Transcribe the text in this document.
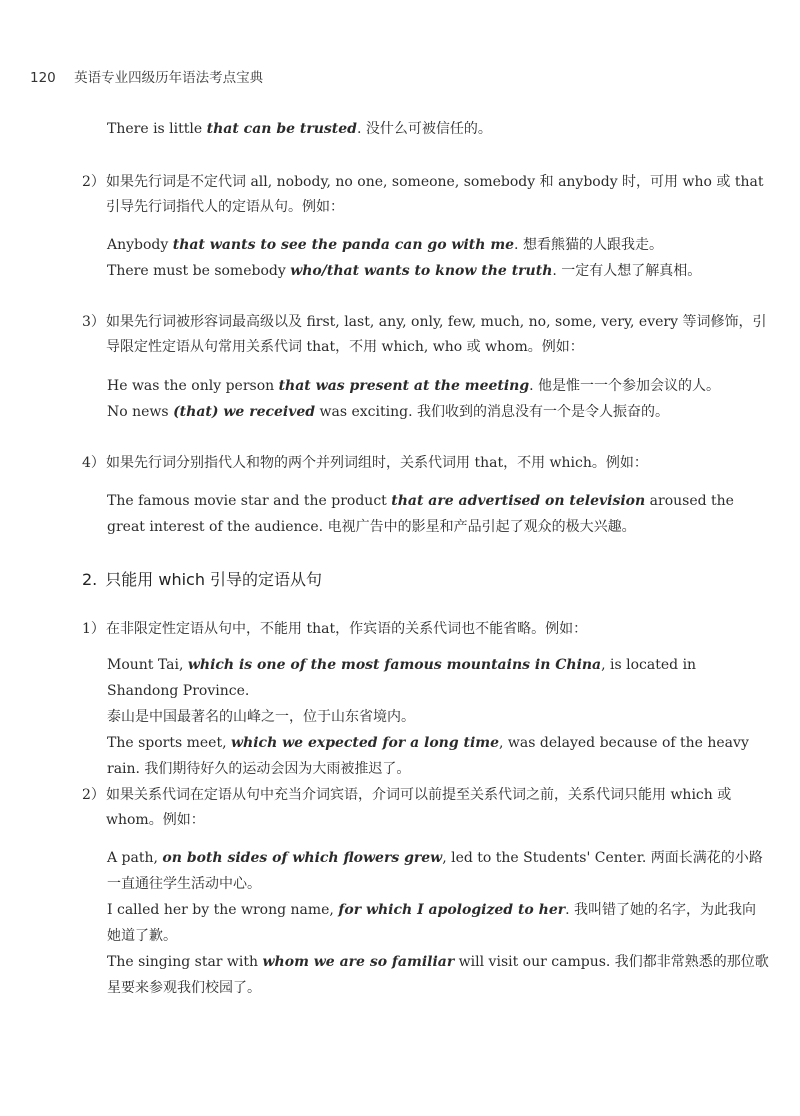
120 英语专业四级历年语法考点宝典

There is little that can be trusted. 没什么可被信任的。

2） 如果先行词是不定代词 all, nobody, no one, someone, somebody 和 anybody 时，可用 who 或 that 引导先行词指代人的定语从句。例如：

Anybody that wants to see the panda can go with me. 想看熊猫的人跟我走。

There must be somebody who/that wants to know the truth. 一定有人想了解真相。

3） 如果先行词被形容词最高级以及 first, last, any, only, few, much, no, some, very, every 等词修饰，引导限定性定语从句常用关系代词 that，不用 which, who 或 whom。例如：

He was the only person that was present at the meeting. 他是惟一一个参加会议的人。

No news (that) we received was exciting. 我们收到的消息没有一个是令人振奋的。

4） 如果先行词分别指代人和物的两个并列词组时，关系代词用 that，不用 which。例如：

The famous movie star and the product that are advertised on television aroused the great interest of the audience. 电视广告中的影星和产品引起了观众的极大兴趣。

2. 只能用 which 引导的定语从句
1） 在非限定性定语从句中，不能用 that，作宾语的关系代词也不能省略。例如：

Mount Tai, which is one of the most famous mountains in China, is located in Shandong Province.

泰山是中国最著名的山峰之一，位于山东省境内。

The sports meet, which we expected for a long time, was delayed because of the heavy rain. 我们期待好久的运动会因为大雨被推迟了。

2） 如果关系代词在定语从句中充当介词宾语，介词可以前提至关系代词之前，关系代词只能用 which 或 whom。例如：

A path, on both sides of which flowers grew, led to the Students' Center. 两面长满花的小路一直通往学生活动中心。

I called her by the wrong name, for which I apologized to her. 我叫错了她的名字，为此我向她道了歉。

The singing star with whom we are so familiar will visit our campus. 我们都非常熟悉的那位歌星要来参观我们校园了。
